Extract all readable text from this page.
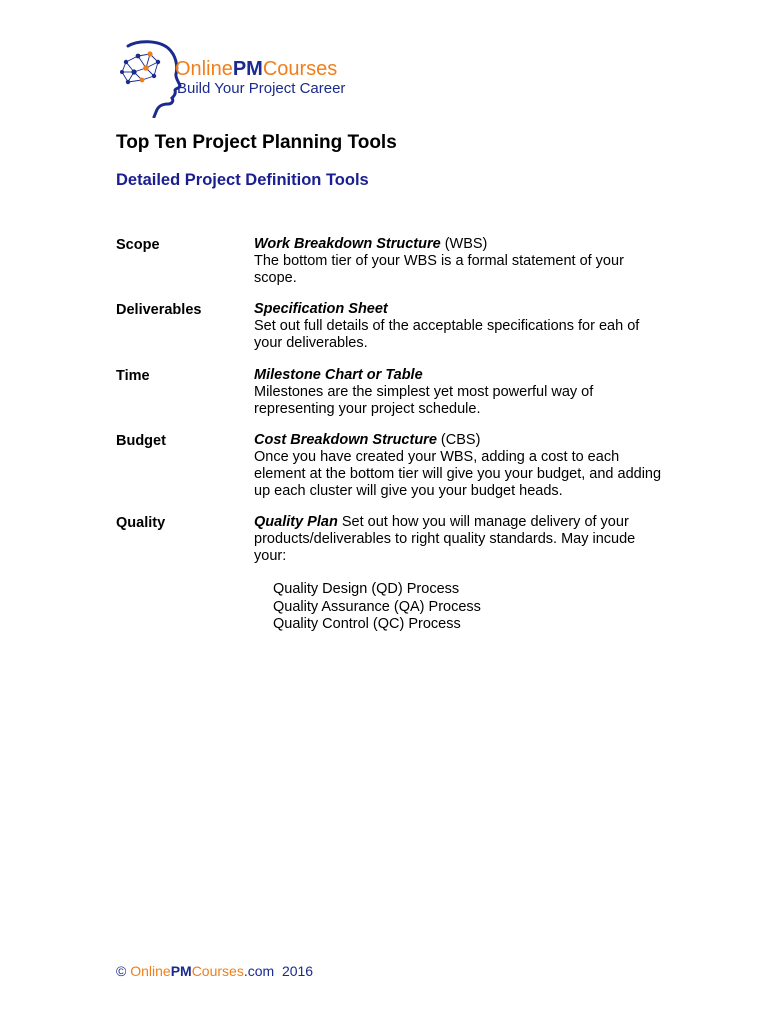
OnlinePMCourses
Build Your Project Career
Top Ten Project Planning Tools
Detailed Project Definition Tools
Scope	Work Breakdown Structure (WBS)
The bottom tier of your WBS is a formal statement of your scope.
Deliverables	Specification Sheet
Set out full details of the acceptable specifications for eah of your deliverables.
Time	Milestone Chart or Table
Milestones are the simplest yet most powerful way of representing your project schedule.
Budget	Cost Breakdown Structure (CBS)
Once you have created your WBS, adding a cost to each element at the bottom tier will give you your budget, and adding up each cluster will give you your budget heads.
Quality	Quality Plan Set out how you will manage delivery of your products/deliverables to right quality standards. May incude your:
Quality Design (QD) Process
Quality Assurance (QA) Process
Quality Control (QC) Process
© OnlinePMCourses.com 2016
